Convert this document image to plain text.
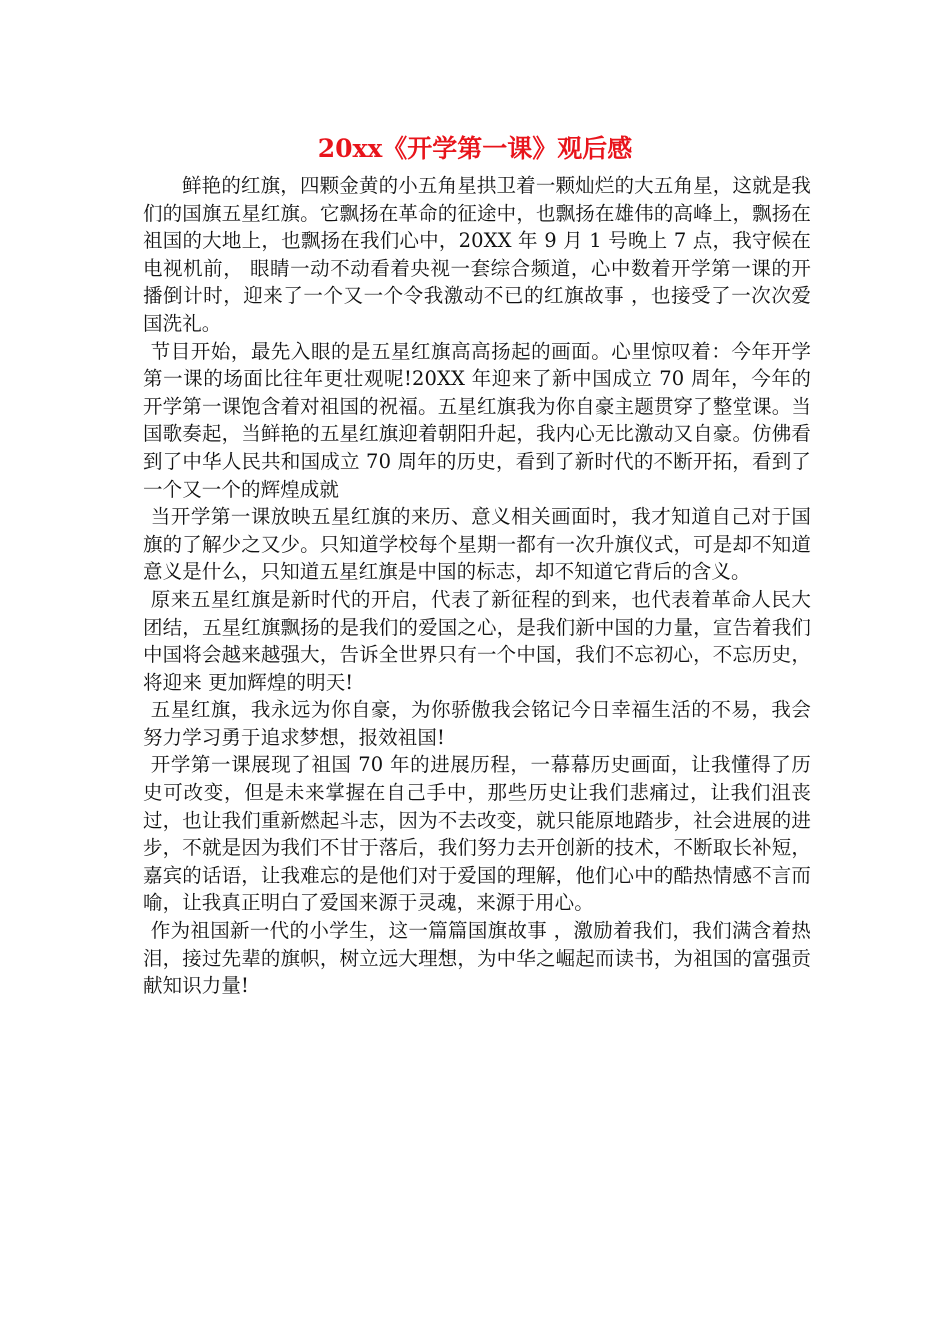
20xx《开学第一课》观后感

鲜艳的红旗，四颗金黄的小五角星拱卫着一颗灿烂的大五角星，这就是我们的国旗五星红旗。它飘扬在革命的征途中，也飘扬在雄伟的高峰上，飘扬在祖国的大地上，也飘扬在我们心中，20XX 年 9 月 1 号晚上 7 点，我守候在电视机前， 眼睛一动不动看着央视一套综合频道，心中数着开学第一课的开播倒计时，迎来了一个又一个令我激动不已的红旗故事 ，也接受了一次次爱国洗礼。

节目开始，最先入眼的是五星红旗高高扬起的画面。心里惊叹着：今年开学第一课的场面比往年更壮观呢!20XX 年迎来了新中国成立 70 周年，今年的开学第一课饱含着对祖国的祝福。五星红旗我为你自豪主题贯穿了整堂课。当国歌奏起，当鲜艳的五星红旗迎着朝阳升起，我内心无比激动又自豪。仿佛看到了中华人民共和国成立 70 周年的历史，看到了新时代的不断开拓，看到了一个又一个的辉煌成就

当开学第一课放映五星红旗的来历、意义相关画面时，我才知道自己对于国旗的了解少之又少。只知道学校每个星期一都有一次升旗仪式，可是却不知道意义是什么，只知道五星红旗是中国的标志，却不知道它背后的含义。

原来五星红旗是新时代的开启，代表了新征程的到来，也代表着革命人民大团结，五星红旗飘扬的是我们的爱国之心，是我们新中国的力量，宣告着我们中国将会越来越强大，告诉全世界只有一个中国，我们不忘初心，不忘历史，将迎来 更加辉煌的明天!

五星红旗，我永远为你自豪，为你骄傲我会铭记今日幸福生活的不易，我会努力学习勇于追求梦想，报效祖国!

开学第一课展现了祖国 70 年的进展历程，一幕幕历史画面，让我懂得了历史可改变，但是未来掌握在自己手中，那些历史让我们悲痛过，让我们沮丧过，也让我们重新燃起斗志，因为不去改变，就只能原地踏步，社会进展的进步，不就是因为我们不甘于落后，我们努力去开创新的技术，不断取长补短，嘉宾的话语，让我难忘的是他们对于爱国的理解，他们心中的酷热情感不言而喻，让我真正明白了爱国来源于灵魂，来源于用心。

作为祖国新一代的小学生，这一篇篇国旗故事 ，激励着我们，我们满含着热泪，接过先辈的旗帜，树立远大理想，为中华之崛起而读书，为祖国的富强贡献知识力量!
